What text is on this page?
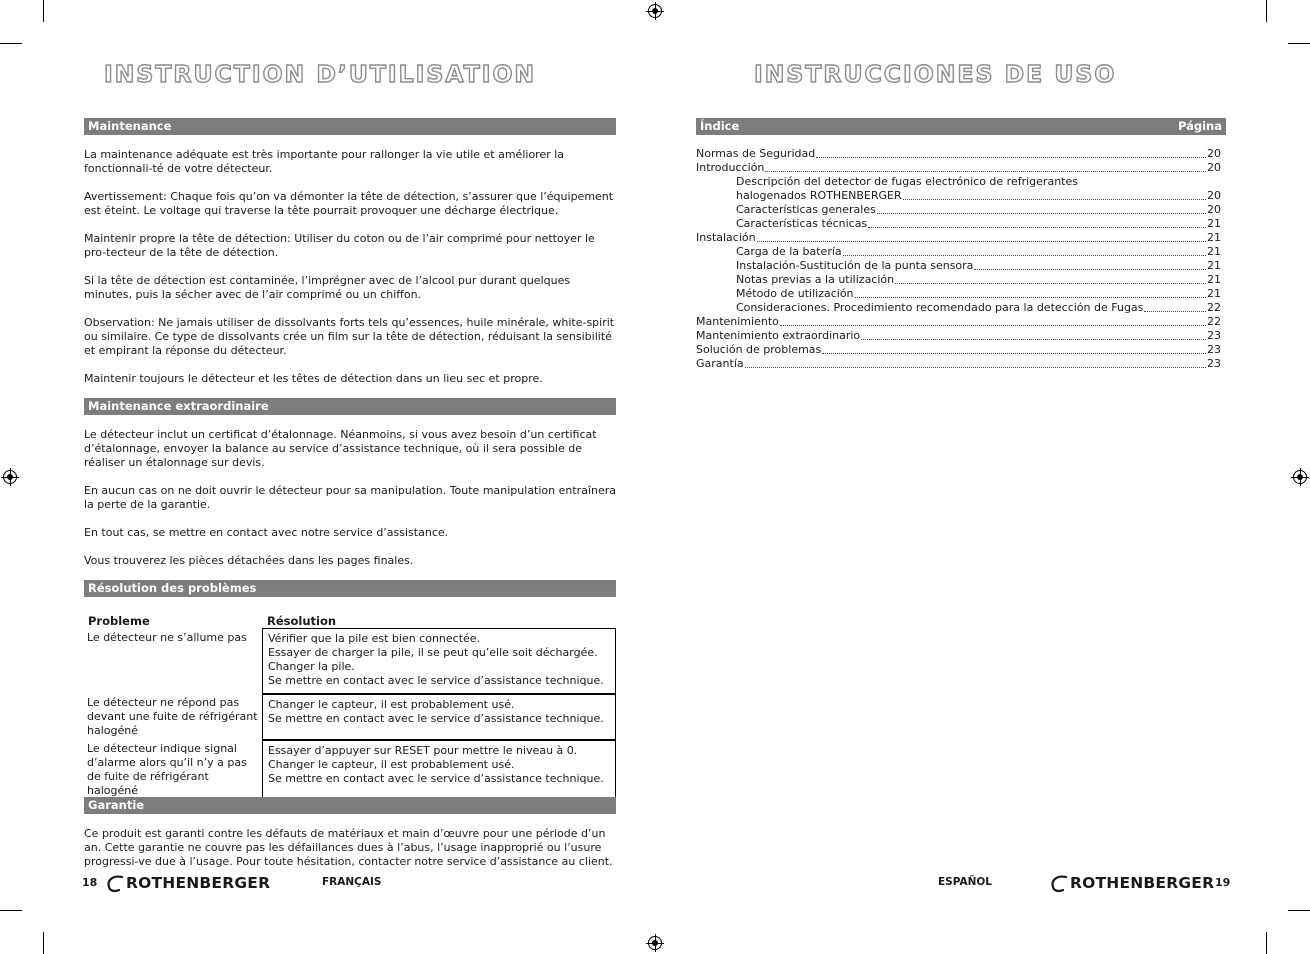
INSTRUCTION D’UTILISATION
Maintenance
La maintenance adéquate est très importante pour rallonger la vie utile et améliorer la fonctionnali-té de votre détecteur.
Avertissement: Chaque fois qu’on va démonter la tête de détection, s’assurer que l’équipement est éteint. Le voltage qui traverse la tête pourrait provoquer une décharge électrique.
Maintenir propre la tête de détection: Utiliser du coton ou de l’air comprimé pour nettoyer le pro-tecteur de la tête de détection.
Si la tête de détection est contaminée, l’imprégner avec de l’alcool pur durant quelques minutes, puis la sécher avec de l’air comprimé ou un chiffon.
Observation: Ne jamais utiliser de dissolvants forts tels qu’essences, huile minérale, white-spirit ou similaire. Ce type de dissolvants crée un film sur la tête de détection, réduisant la sensibilité et empirant la réponse du détecteur.
Maintenir toujours le détecteur et les têtes de détection dans un lieu sec et propre.
Maintenance extraordinaire
Le détecteur inclut un certificat d’étalonnage. Néanmoins, si vous avez besoin d’un certificat d’étalonnage, envoyer la balance au service d’assistance technique, où il sera possible de réaliser un étalonnage sur devis.
En aucun cas on ne doit ouvrir le détecteur pour sa manipulation. Toute manipulation entraînera la perte de la garantie.
En tout cas, se mettre en contact avec notre service d’assistance.
Vous trouverez les pièces détachées dans les pages finales.
Résolution des problèmes
Probleme	Résolution
Le détecteur ne s’allume pas	Vérifier que la pile est bien connectée.
Essayer de charger la pile, il se peut qu’elle soit déchargée.
Changer la pile.
Se mettre en contact avec le service d’assistance technique.

Le détecteur ne répond pas devant une fuite de réfrigérant halogéné	Changer le capteur, il est probablement usé.
Se mettre en contact avec le service d’assistance technique.

Le détecteur indique signal d’alarme alors qu’il n’y a pas de fuite de réfrigérant halogéné	Essayer d’appuyer sur RESET pour mettre le niveau à 0.
Changer le capteur, il est probablement usé.
Se mettre en contact avec le service d’assistance technique.
Garantie
Ce produit est garanti contre les défauts de matériaux et main d’œuvre pour une période d’un an. Cette garantie ne couvre pas les défaillances dues à l’abus, l’usage inapproprié ou l’usure progressi-ve due à l’usage. Pour toute hésitation, contacter notre service d’assistance au client.
18 ROTHENBERGER	FRANÇAIS
INSTRUCCIONES DE USO
Índice	Página
Normas de Seguridad	20
Introducción	20
Descripción del detector de fugas electrónico de refrigerantes
halogenados ROTHENBERGER	20
Características generales	20
Características técnicas	21
Instalación	21
Carga de la batería	21
Instalación-Sustitución de la punta sensora	21
Notas previas a la utilización	21
Método de utilización	21
Consideraciones. Procedimiento recomendado para la detección de Fugas	22
Mantenimiento	22
Mantenimiento extraordinario	23
Solución de problemas	23
Garantía	23
ESPAÑOL	ROTHENBERGER 19
